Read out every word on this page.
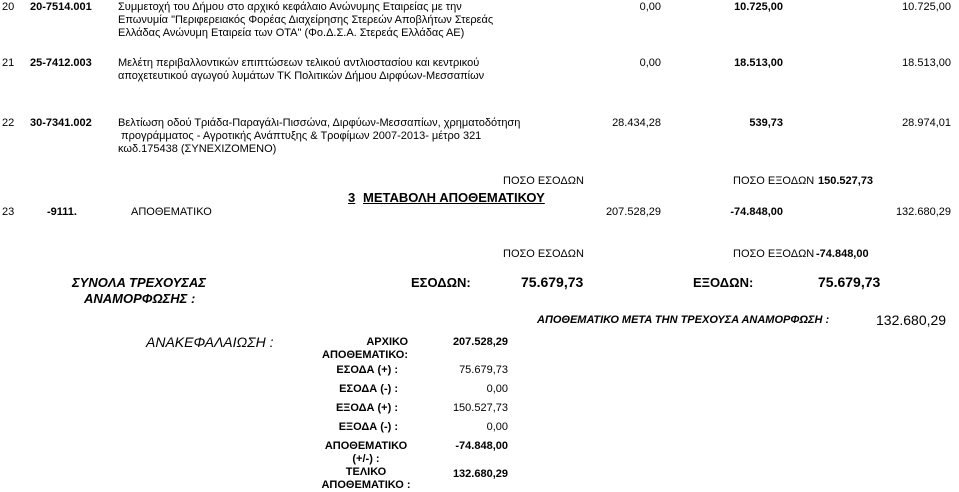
20 20-7514.001 Συμμετοχή του Δήμου στο αρχικό κεφάλαιο Ανώνυμης Εταιρείας με την
Επωνυμία "Περιφερειακός Φορέας Διαχείρησης Στερεών Αποβλήτων Στερεάς
Ελλάδας Ανώνυμη Εταιρεία των ΟΤΑ" (Φο.Δ.Σ.Α. Στερεάς Ελλάδας ΑΕ)
0,00	10.725,00	10.725,00
21 25-7412.003 Μελέτη περιβαλλοντικών επιπτώσεων τελικού αντλιοστασίου και κεντρικού
αποχετευτικού αγωγού λυμάτων ΤΚ Πολιτικών Δήμου Διρφύων-Μεσσαπίων
0,00	18.513,00	18.513,00
22 30-7341.002 Βελτίωση οδού Τριάδα-Παραγάλι-Πισσώνα, Διρφύων-Μεσσαπίων, χρηματοδότηση
προγράμματος - Αγροτικής Ανάπτυξης & Τροφίμων 2007-2013- μέτρο 321
κωδ.175438 (ΣΥΝΕΧΙΖΟΜΕΝΟ)
28.434,28	539,73	28.974,01
ΠΟΣΟ ΕΣΟΔΩΝ	ΠΟΣΟ ΕΞΟΔΩΝ 150.527,73
3 ΜΕΤΑΒΟΛΗ ΑΠΟΘΕΜΑΤΙΚΟΥ
23	-9111.	ΑΠΟΘΕΜΑΤΙΚΟ	207.528,29	-74.848,00	132.680,29
ΠΟΣΟ ΕΣΟΔΩΝ	ΠΟΣΟ ΕΞΟΔΩΝ -74.848,00
ΣΥΝΟΛΑ ΤΡΕΧΟΥΣΑΣ
ΑΝΑΜΟΡΦΩΣΗΣ :
ΕΣΟΔΩΝ:	75.679,73	ΕΞΟΔΩΝ:	75.679,73
ΑΠΟΘΕΜΑΤΙΚΟ ΜΕΤΑ ΤΗΝ ΤΡΕΧΟΥΣΑ ΑΝΑΜΟΡΦΩΣΗ :	132.680,29
ΑΝΑΚΕΦΑΛΑΙΩΣΗ :	ΑΡΧΙΚΟ ΑΠΟΘΕΜΑΤΙΚΟ:
207.528,29
ΕΣΟΔΑ (+) :	75.679,73
ΕΣΟΔΑ (-) :	0,00
ΕΞΟΔΑ (+) :	150.527,73
ΕΞΟΔΑ (-) :	0,00
ΑΠΟΘΕΜΑΤΙΚΟ (+/-) :
-74.848,00
ΤΕΛΙΚΟ ΑΠΟΘΕΜΑΤΙΚΟ :
132.680,29
